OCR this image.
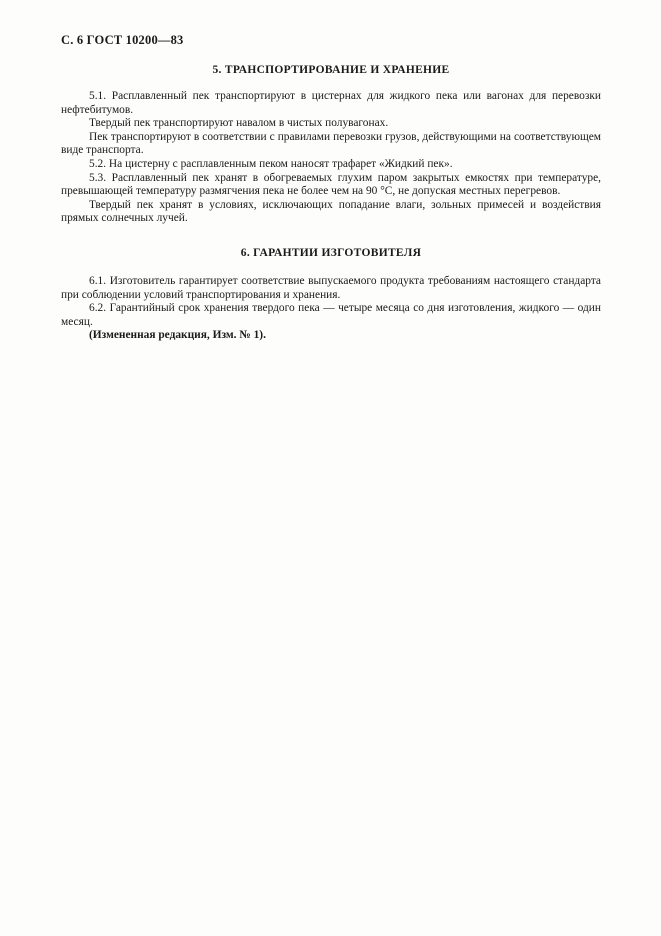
С. 6 ГОСТ 10200—83
5. ТРАНСПОРТИРОВАНИЕ И ХРАНЕНИЕ

5.1. Расплавленный пек транспортируют в цистернах для жидкого пека или вагонах для перевозки нефтебитумов.

Твердый пек транспортируют навалом в чистых полувагонах.

Пек транспортируют в соответствии с правилами перевозки грузов, действующими на соответствующем виде транспорта.

5.2. На цистерну с расплавленным пеком наносят трафарет «Жидкий пек».

5.3. Расплавленный пек хранят в обогреваемых глухим паром закрытых емкостях при температуре, превышающей температуру размягчения пека не более чем на 90 °С, не допуская местных перегревов.

Твердый пек хранят в условиях, исключающих попадание влаги, зольных примесей и воздействия прямых солнечных лучей.

6. ГАРАНТИИ ИЗГОТОВИТЕЛЯ

6.1. Изготовитель гарантирует соответствие выпускаемого продукта требованиям настоящего стандарта при соблюдении условий транспортирования и хранения.

6.2. Гарантийный срок хранения твердого пека — четыре месяца со дня изготовления, жидкого — один месяц.

(Измененная редакция, Изм. № 1).
